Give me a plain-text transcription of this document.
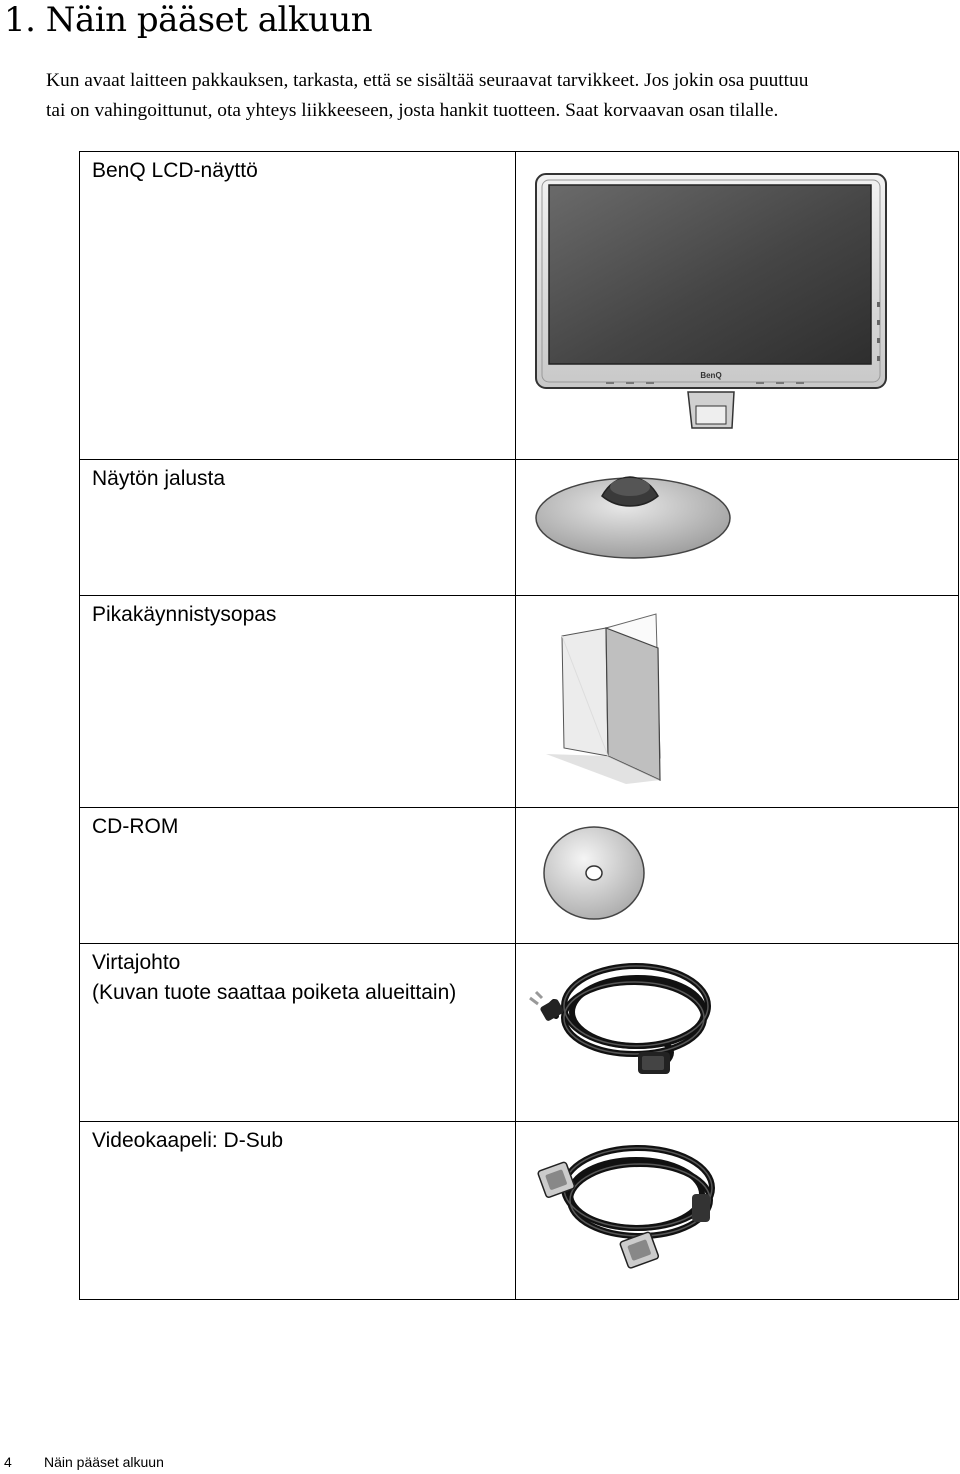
1. Näin pääset alkuun

Kun avaat laitteen pakkauksen, tarkasta, että se sisältää seuraavat tarvikkeet. Jos jokin osa puuttuu
tai on vahingoittunut, ota yhteys liikkeeseen, josta hankit tuotteen. Saat korvaavan osan tilalle.

BenQ LCD-näyttö	BenQ

Näytön jalusta	

Pikakäynnistysopas	

CD-ROM	

Virtajohto
(Kuvan tuote saattaa poiketa alueittain)

Videokaapeli: D-Sub	
4 Näin pääset alkuun
